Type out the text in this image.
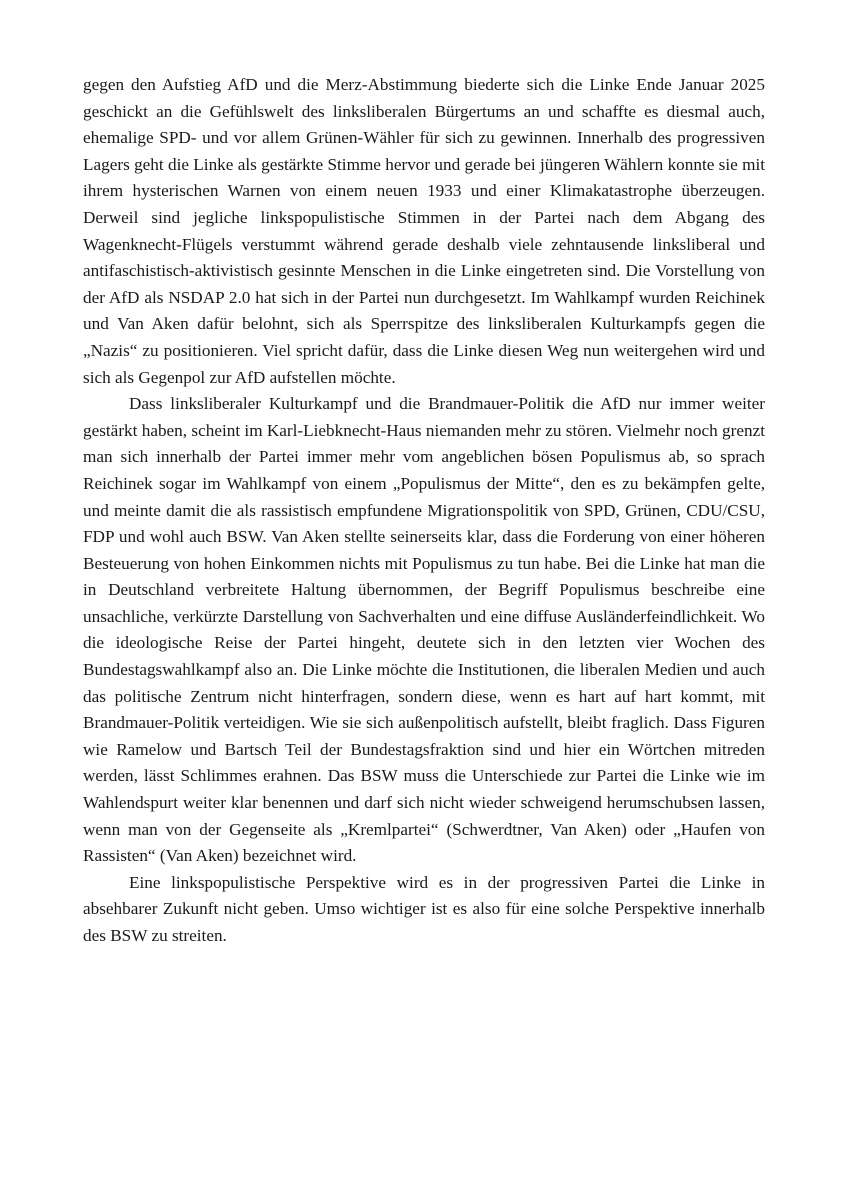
gegen den Aufstieg AfD und die Merz-Abstimmung biederte sich die Linke Ende Januar 2025 geschickt an die Gefühlswelt des linksliberalen Bürgertums an und schaffte es diesmal auch, ehemalige SPD- und vor allem Grünen-Wähler für sich zu gewinnen. Innerhalb des progressiven Lagers geht die Linke als gestärkte Stimme hervor und gerade bei jüngeren Wählern konnte sie mit ihrem hysterischen Warnen von einem neuen 1933 und einer Klimakatastrophe überzeugen. Derweil sind jegliche linkspopulistische Stimmen in der Partei nach dem Abgang des Wagenknecht-Flügels verstummt während gerade deshalb viele zehntausende linksliberal und antifaschistisch-aktivistisch gesinnte Menschen in die Linke eingetreten sind. Die Vorstellung von der AfD als NSDAP 2.0 hat sich in der Partei nun durchgesetzt. Im Wahlkampf wurden Reichinek und Van Aken dafür belohnt, sich als Sperrspitze des linksliberalen Kulturkampfs gegen die „Nazis“ zu positionieren. Viel spricht dafür, dass die Linke diesen Weg nun weitergehen wird und sich als Gegenpol zur AfD aufstellen möchte.

Dass linksliberaler Kulturkampf und die Brandmauer-Politik die AfD nur immer weiter gestärkt haben, scheint im Karl-Liebknecht-Haus niemanden mehr zu stören. Vielmehr noch grenzt man sich innerhalb der Partei immer mehr vom angeblichen bösen Populismus ab, so sprach Reichinek sogar im Wahlkampf von einem „Populismus der Mitte“, den es zu bekämpfen gelte, und meinte damit die als rassistisch empfundene Migrationspolitik von SPD, Grünen, CDU/CSU, FDP und wohl auch BSW. Van Aken stellte seinerseits klar, dass die Forderung von einer höheren Besteuerung von hohen Einkommen nichts mit Populismus zu tun habe. Bei die Linke hat man die in Deutschland verbreitete Haltung übernommen, der Begriff Populismus beschreibe eine unsachliche, verkürzte Darstellung von Sachverhalten und eine diffuse Ausländerfeindlichkeit. Wo die ideologische Reise der Partei hingeht, deutete sich in den letzten vier Wochen des Bundestagswahlkampf also an. Die Linke möchte die Institutionen, die liberalen Medien und auch das politische Zentrum nicht hinterfragen, sondern diese, wenn es hart auf hart kommt, mit Brandmauer-Politik verteidigen. Wie sie sich außenpolitisch aufstellt, bleibt fraglich. Dass Figuren wie Ramelow und Bartsch Teil der Bundestagsfraktion sind und hier ein Wörtchen mitreden werden, lässt Schlimmes erahnen. Das BSW muss die Unterschiede zur Partei die Linke wie im Wahlendspurt weiter klar benennen und darf sich nicht wieder schweigend herumschubsen lassen, wenn man von der Gegenseite als „Kremlpartei“ (Schwerdtner, Van Aken) oder „Haufen von Rassisten“ (Van Aken) bezeichnet wird.

Eine linkspopulistische Perspektive wird es in der progressiven Partei die Linke in absehbarer Zukunft nicht geben. Umso wichtiger ist es also für eine solche Perspektive innerhalb des BSW zu streiten.
